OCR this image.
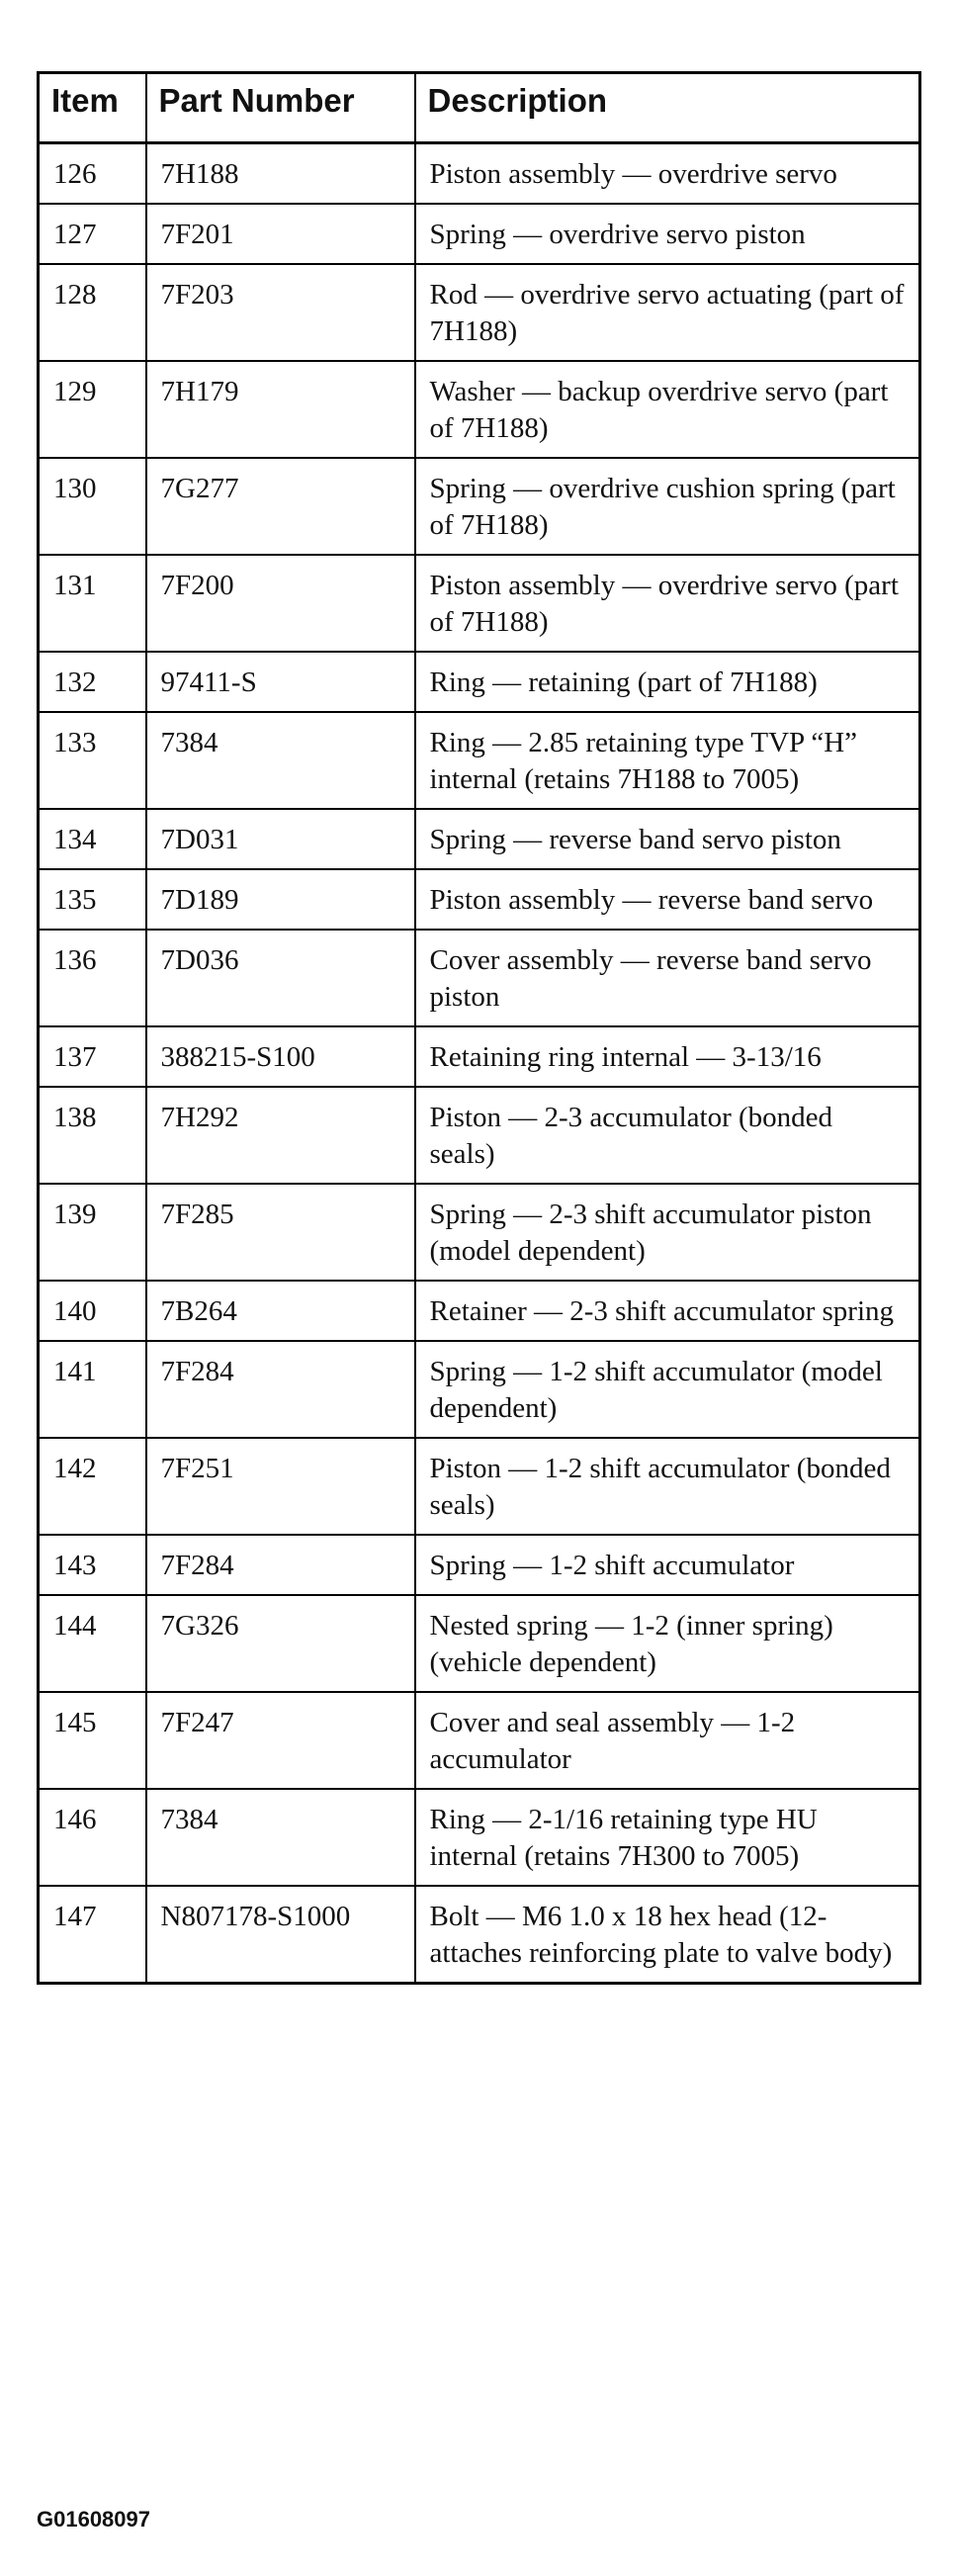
Item	Part Number	Description
126	7H188	Piston assembly — overdrive servo
127	7F201	Spring — overdrive servo piston
128	7F203	Rod — overdrive servo actuating (part of 7H188)
129	7H179	Washer — backup overdrive servo (part of 7H188)
130	7G277	Spring — overdrive cushion spring (part of 7H188)
131	7F200	Piston assembly — overdrive servo (part of 7H188)
132	97411-S	Ring — retaining (part of 7H188)
133	7384	Ring — 2.85 retaining type TVP “H” internal (retains 7H188 to 7005)
134	7D031	Spring — reverse band servo piston
135	7D189	Piston assembly — reverse band servo
136	7D036	Cover assembly — reverse band servo piston
137	388215-S100	Retaining ring internal — 3-13/16
138	7H292	Piston — 2-3 accumulator (bonded seals)
139	7F285	Spring — 2-3 shift accumulator piston (model dependent)
140	7B264	Retainer — 2-3 shift accumulator spring
141	7F284	Spring — 1-2 shift accumulator (model dependent)
142	7F251	Piston — 1-2 shift accumulator (bonded seals)
143	7F284	Spring — 1-2 shift accumulator
144	7G326	Nested spring — 1-2 (inner spring) (vehicle dependent)
145	7F247	Cover and seal assembly — 1-2 accumulator
146	7384	Ring — 2-1/16 retaining type HU internal (retains 7H300 to 7005)
147	N807178-S1000	Bolt — M6 1.0 x 18 hex head (12-attaches reinforcing plate to valve body)
G01608097
